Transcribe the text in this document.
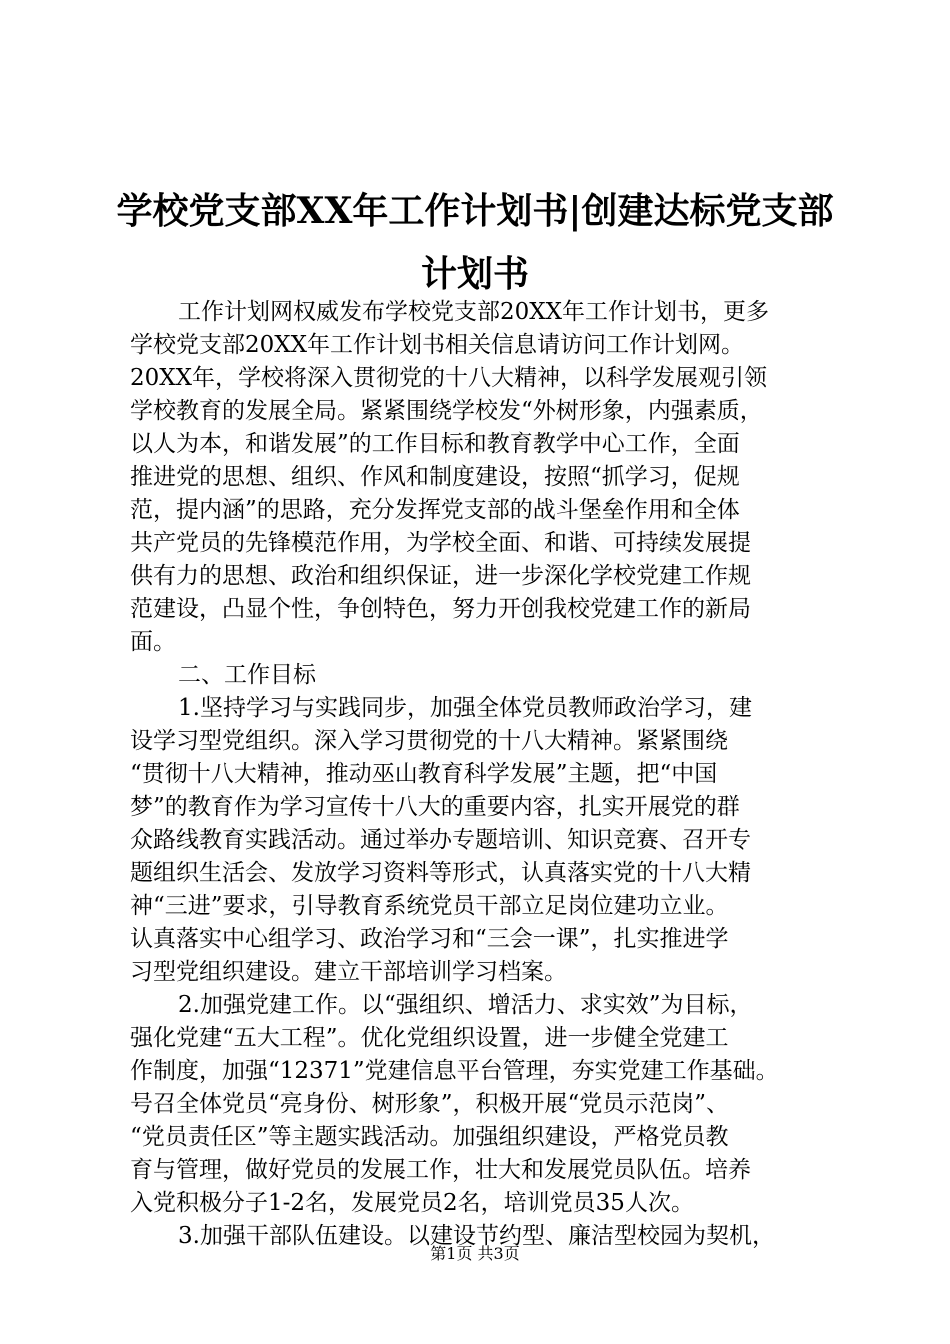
学校党支部XX年工作计划书|创建达标党支部
计划书
工作计划网权威发布学校党支部20XX年工作计划书，更多
学校党支部20XX年工作计划书相关信息请访问工作计划网。
20XX年，学校将深入贯彻党的十八大精神，以科学发展观引领
学校教育的发展全局。紧紧围绕学校发“外树形象，内强素质，
以人为本，和谐发展”的工作目标和教育教学中心工作，全面
推进党的思想、组织、作风和制度建设，按照“抓学习，促规
范，提内涵”的思路，充分发挥党支部的战斗堡垒作用和全体
共产党员的先锋模范作用，为学校全面、和谐、可持续发展提
供有力的思想、政治和组织保证，进一步深化学校党建工作规
范建设，凸显个性，争创特色，努力开创我校党建工作的新局
面。
二、工作目标
1.坚持学习与实践同步，加强全体党员教师政治学习，建
设学习型党组织。深入学习贯彻党的十八大精神。紧紧围绕
“贯彻十八大精神，推动巫山教育科学发展”主题，把“中国
梦”的教育作为学习宣传十八大的重要内容，扎实开展党的群
众路线教育实践活动。通过举办专题培训、知识竞赛、召开专
题组织生活会、发放学习资料等形式，认真落实党的十八大精
神“三进”要求，引导教育系统党员干部立足岗位建功立业。
认真落实中心组学习、政治学习和“三会一课”，扎实推进学
习型党组织建设。建立干部培训学习档案。
2.加强党建工作。以“强组织、增活力、求实效”为目标，
强化党建“五大工程”。优化党组织设置，进一步健全党建工
作制度，加强“12371”党建信息平台管理，夯实党建工作基础。
号召全体党员“亮身份、树形象”，积极开展“党员示范岗”、
“党员责任区”等主题实践活动。加强组织建设，严格党员教
育与管理，做好党员的发展工作，壮大和发展党员队伍。培养
入党积极分子1-2名，发展党员2名，培训党员35人次。
3.加强干部队伍建设。以建设节约型、廉洁型校园为契机，
第1页 共3页
